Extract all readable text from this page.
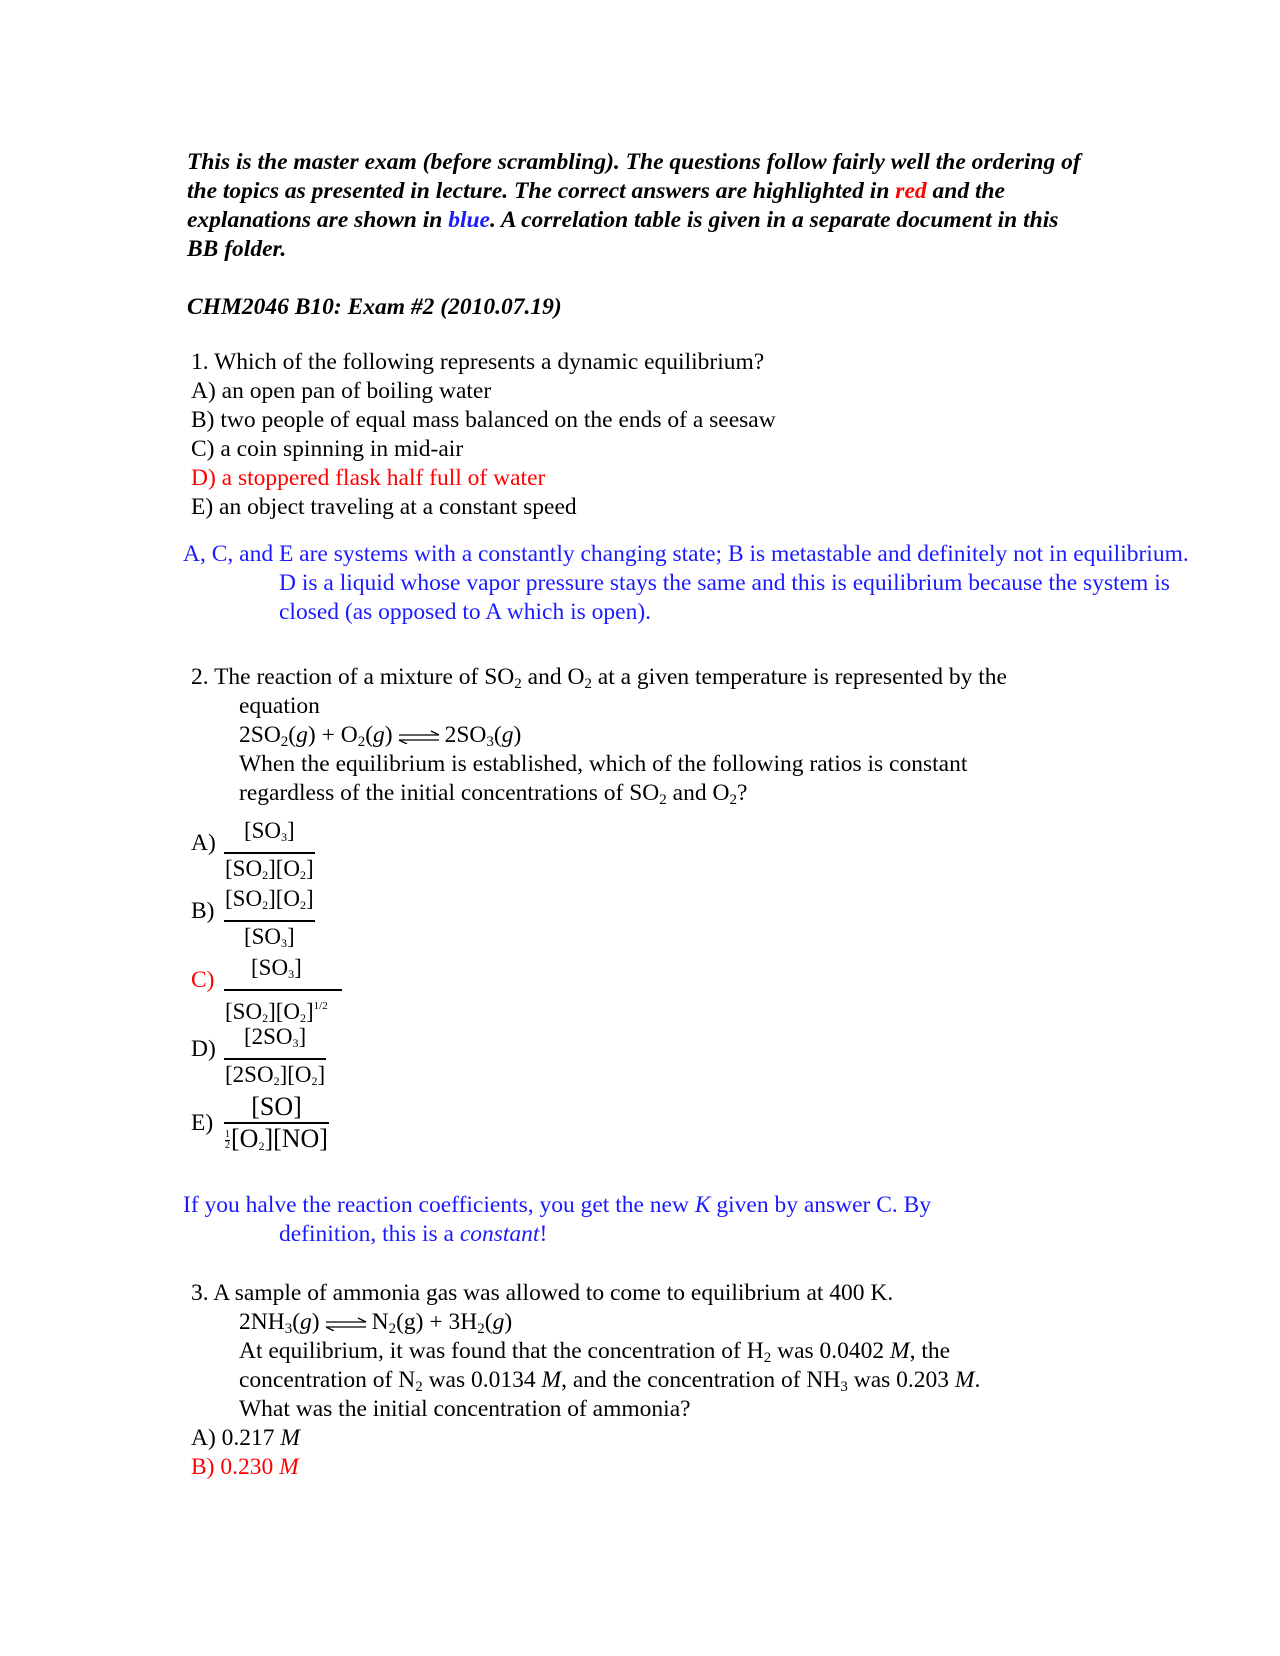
This is the master exam (before scrambling). The questions follow fairly well the ordering of the topics as presented in lecture. The correct answers are highlighted in red and the explanations are shown in blue. A correlation table is given in a separate document in this BB folder.
CHM2046 B10: Exam #2 (2010.07.19)
1. Which of the following represents a dynamic equilibrium?
A) an open pan of boiling water
B) two people of equal mass balanced on the ends of a seesaw
C) a coin spinning in mid-air
D) a stoppered flask half full of water
E) an object traveling at a constant speed
A, C, and E are systems with a constantly changing state; B is metastable and definitely not in equilibrium. D is a liquid whose vapor pressure stays the same and this is equilibrium because the system is closed (as opposed to A which is open).
2. The reaction of a mixture of $SO_2$ and $O_2$ at a given temperature is represented by the
equation
$2SO_2(g) + O_2(g)$ ⇌ $2SO_3(g)$
When the equilibrium is established, which of the following ratios is constant
regardless of the initial concentrations of $SO_2$ and $O_2$?
A)	[SO3]
[SO2][O2]
B) [SO2][O2]
[SO3]
C)	[SO3]
$[SO2][O2]^{1/2}$
D)	[2SO3]
[2SO2][O2]
E)
[SO]
$\frac{1}{2} [O2][NO]$
If you halve the reaction coefficients, you get the new K given by answer C. By
definition, this is a constant!
3. A sample of ammonia gas was allowed to come to equilibrium at 400 K.
$2NH_3(g)$ ⇌ $N_2(g) + 3H_2(g)$
At equilibrium, it was found that the concentration of $H_2$ was 0.0402 M, the
concentration of $N_2$ was 0.0134 M, and the concentration of $NH_3$ was 0.203 M.
What was the initial concentration of ammonia?
A) 0.217 M
B) 0.230 M
